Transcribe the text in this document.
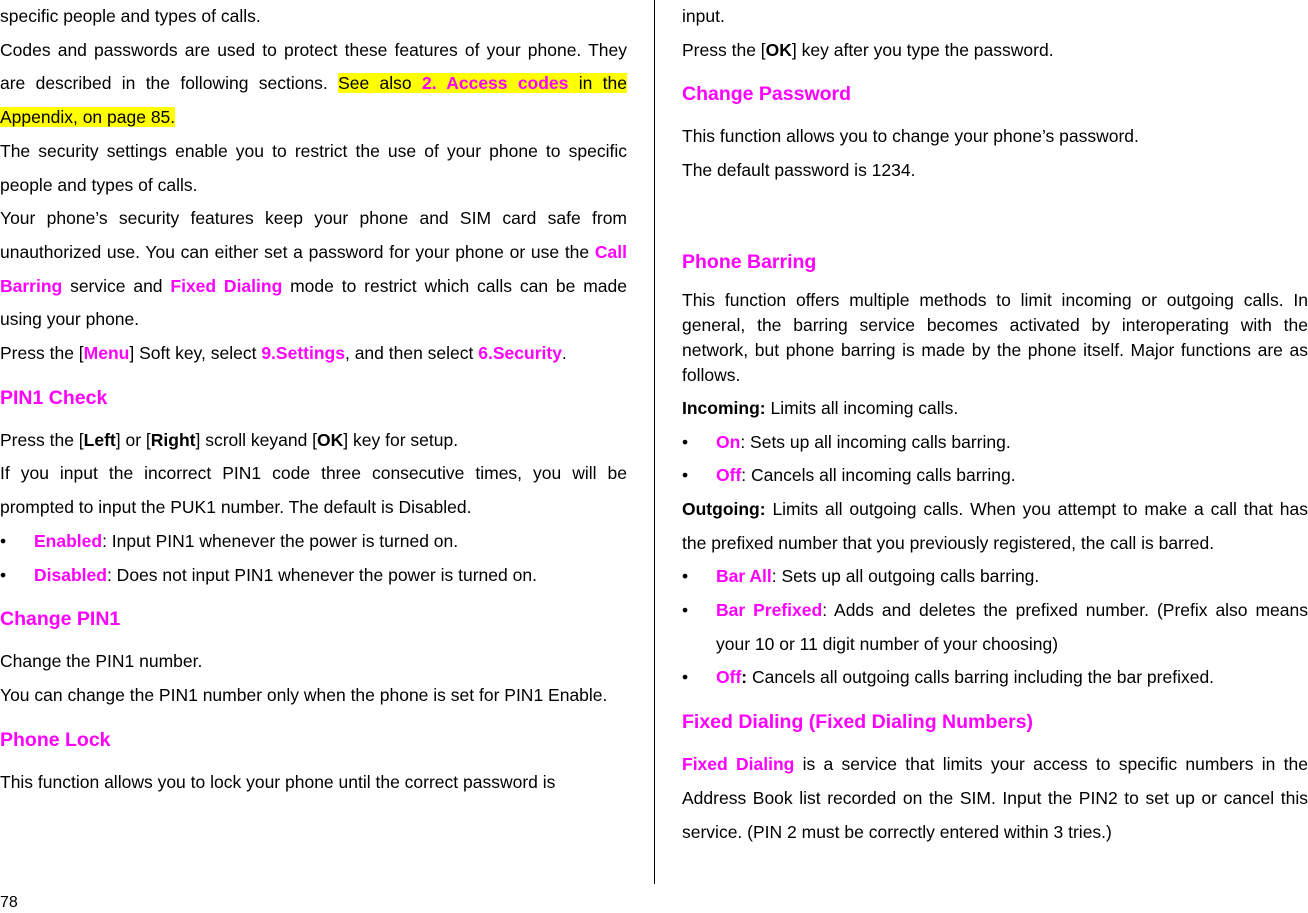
specific people and types of calls.

Codes and passwords are used to protect these features of your phone. They are described in the following sections. See also 2. Access codes in the Appendix, on page 85.

The security settings enable you to restrict the use of your phone to specific people and types of calls.

Your phone’s security features keep your phone and SIM card safe from unauthorized use. You can either set a password for your phone or use the Call Barring service and Fixed Dialing mode to restrict which calls can be made using your phone.

Press the [Menu] Soft key, select 9.Settings, and then select 6.Security.

PIN1 Check

Press the [Left] or [Right] scroll keyand [OK] key for setup.

If you input the incorrect PIN1 code three consecutive times, you will be prompted to input the PUK1 number. The default is Disabled.

• Enabled: Input PIN1 whenever the power is turned on.
• Disabled: Does not input PIN1 whenever the power is turned on.
Change PIN1

Change the PIN1 number.

You can change the PIN1 number only when the phone is set for PIN1 Enable.

Phone Lock

This function allows you to lock your phone until the correct password is

input.

Press the [OK] key after you type the password.

Change Password

This function allows you to change your phone’s password.

The default password is 1234.

Phone Barring

This function offers multiple methods to limit incoming or outgoing calls. In general, the barring service becomes activated by interoperating with the network, but phone barring is made by the phone itself. Major functions are as follows.

Incoming: Limits all incoming calls.

• On: Sets up all incoming calls barring.
• Off: Cancels all incoming calls barring.

Outgoing: Limits all outgoing calls. When you attempt to make a call that has the prefixed number that you previously registered, the call is barred.

• Bar All: Sets up all outgoing calls barring.
• Bar Prefixed: Adds and deletes the prefixed number. (Prefix also means your 10 or 11 digit number of your choosing)
• Off: Cancels all outgoing calls barring including the bar prefixed.
Fixed Dialing (Fixed Dialing Numbers)

Fixed Dialing is a service that limits your access to specific numbers in the Address Book list recorded on the SIM. Input the PIN2 to set up or cancel this service. (PIN 2 must be correctly entered within 3 tries.)

78
